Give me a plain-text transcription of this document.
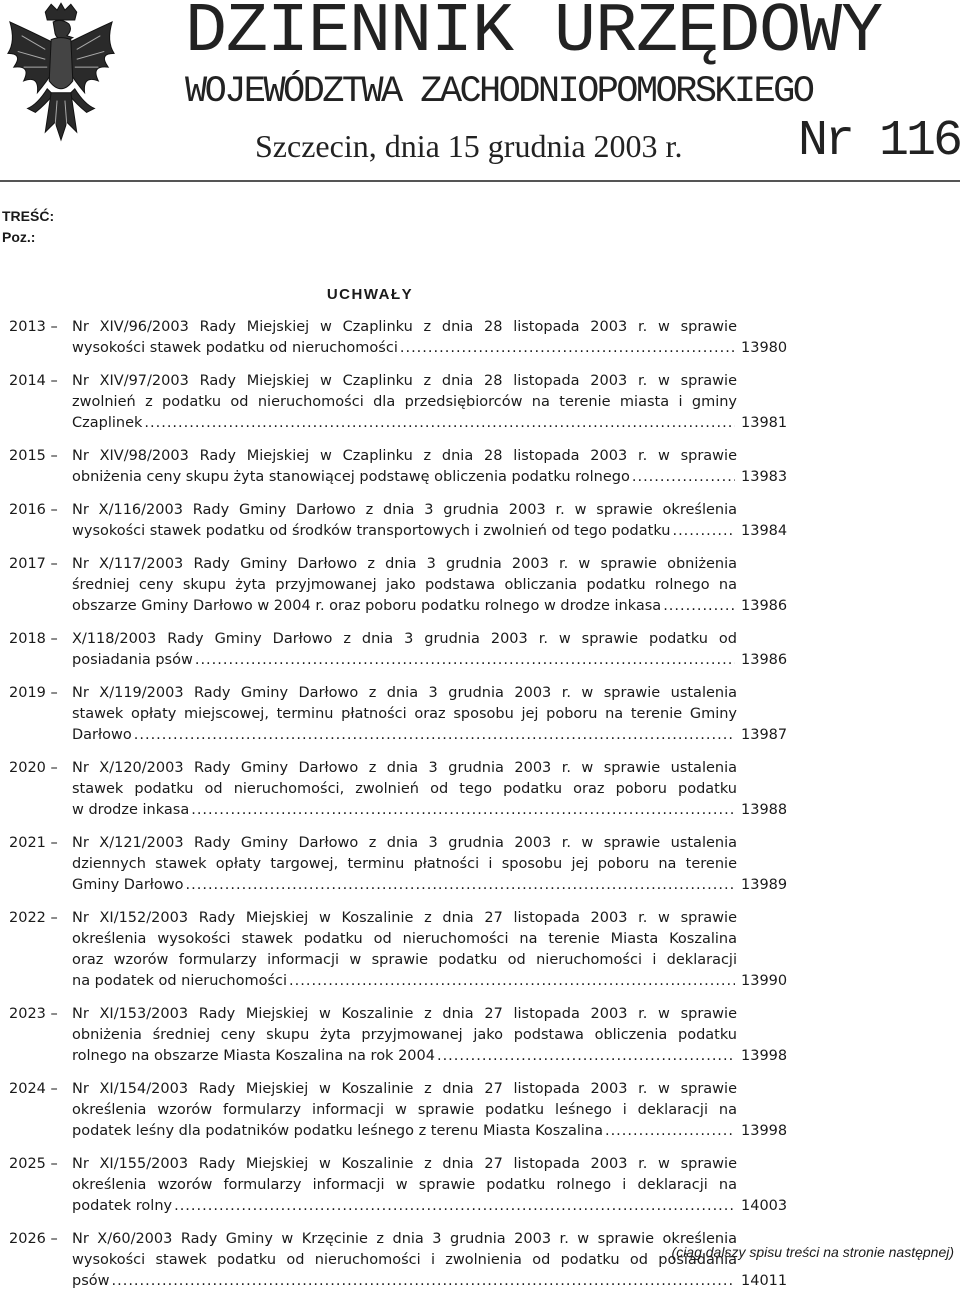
DZIENNIK URZĘDOWY
WOJEWÓDZTWA ZACHODNIOPOMORSKIEGO
Szczecin, dnia 15 grudnia 2003 r. Nr 116
TREŚĆ:
Poz.:
UCHWAŁY
2013 – Nr XIV/96/2003 Rady Miejskiej w Czaplinku z dnia 28 listopada 2003 r. w sprawie
wysokości stawek podatku od nieruchomości .....	13980
2014 – Nr XIV/97/2003 Rady Miejskiej w Czaplinku z dnia 28 listopada 2003 r. w sprawie
zwolnień z podatku od nieruchomości dla przedsiębiorców na terenie miasta i gminy
Czaplinek .....	13981
2015 – Nr XIV/98/2003 Rady Miejskiej w Czaplinku z dnia 28 listopada 2003 r. w sprawie
obniżenia ceny skupu żyta stanowiącej podstawę obliczenia podatku rolnego .....	13983
2016 – Nr X/116/2003 Rady Gminy Darłowo z dnia 3 grudnia 2003 r. w sprawie określenia
wysokości stawek podatku od środków transportowych i zwolnień od tego podatku .....	13984
2017 – Nr X/117/2003 Rady Gminy Darłowo z dnia 3 grudnia 2003 r. w sprawie obniżenia
średniej ceny skupu żyta przyjmowanej jako podstawa obliczania podatku rolnego na
obszarze Gminy Darłowo w 2004 r. oraz poboru podatku rolnego w drodze inkasa .....	13986
2018 – X/118/2003 Rady Gminy Darłowo z dnia 3 grudnia 2003 r. w sprawie podatku od
posiadania psów .....	13986
2019 – Nr X/119/2003 Rady Gminy Darłowo z dnia 3 grudnia 2003 r. w sprawie ustalenia
stawek opłaty miejscowej, terminu płatności oraz sposobu jej poboru na terenie Gminy
Darłowo .....	13987
2020 – Nr X/120/2003 Rady Gminy Darłowo z dnia 3 grudnia 2003 r. w sprawie ustalenia
stawek podatku od nieruchomości, zwolnień od tego podatku oraz poboru podatku
w drodze inkasa .....	13988
2021 – Nr X/121/2003 Rady Gminy Darłowo z dnia 3 grudnia 2003 r. w sprawie ustalenia
dziennych stawek opłaty targowej, terminu płatności i sposobu jej poboru na terenie
Gminy Darłowo .....	13989
2022 – Nr XI/152/2003 Rady Miejskiej w Koszalinie z dnia 27 listopada 2003 r. w sprawie
określenia wysokości stawek podatku od nieruchomości na terenie Miasta Koszalina
oraz wzorów formularzy informacji w sprawie podatku od nieruchomości i deklaracji
na podatek od nieruchomości .....	13990
2023 – Nr XI/153/2003 Rady Miejskiej w Koszalinie z dnia 27 listopada 2003 r. w sprawie
obniżenia średniej ceny skupu żyta przyjmowanej jako podstawa obliczenia podatku
rolnego na obszarze Miasta Koszalina na rok 2004 .....	13998
2024 – Nr XI/154/2003 Rady Miejskiej w Koszalinie z dnia 27 listopada 2003 r. w sprawie
określenia wzorów formularzy informacji w sprawie podatku leśnego i deklaracji na
podatek leśny dla podatników podatku leśnego z terenu Miasta Koszalina .....	13998
2025 – Nr XI/155/2003 Rady Miejskiej w Koszalinie z dnia 27 listopada 2003 r. w sprawie
określenia wzorów formularzy informacji w sprawie podatku rolnego i deklaracji na
podatek rolny .....	14003
2026 – Nr X/60/2003 Rady Gminy w Krzęcinie z dnia 3 grudnia 2003 r. w sprawie określenia
wysokości stawek podatku od nieruchomości i zwolnienia od podatku od posiadania
psów .....	14011
(ciąg dalszy spisu treści na stronie następnej)
